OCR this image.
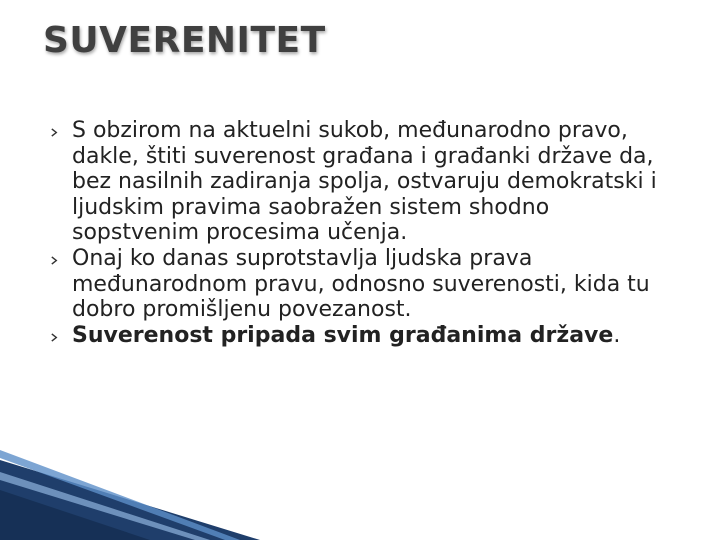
SUVERENITET
S obzirom na aktuelni sukob, međunarodno pravo, dakle, štiti suverenost građana i građanki države da, bez nasilnih zadiranja spolja, ostvaruju demokratski i ljudskim pravima saobražen sistem shodno sopstvenim procesima učenja.
Onaj ko danas suprotstavlja ljudska prava međunarodnom pravu, odnosno suverenosti, kida tu dobro promišljenu povezanost.
Suverenost pripada svim građanima države.
